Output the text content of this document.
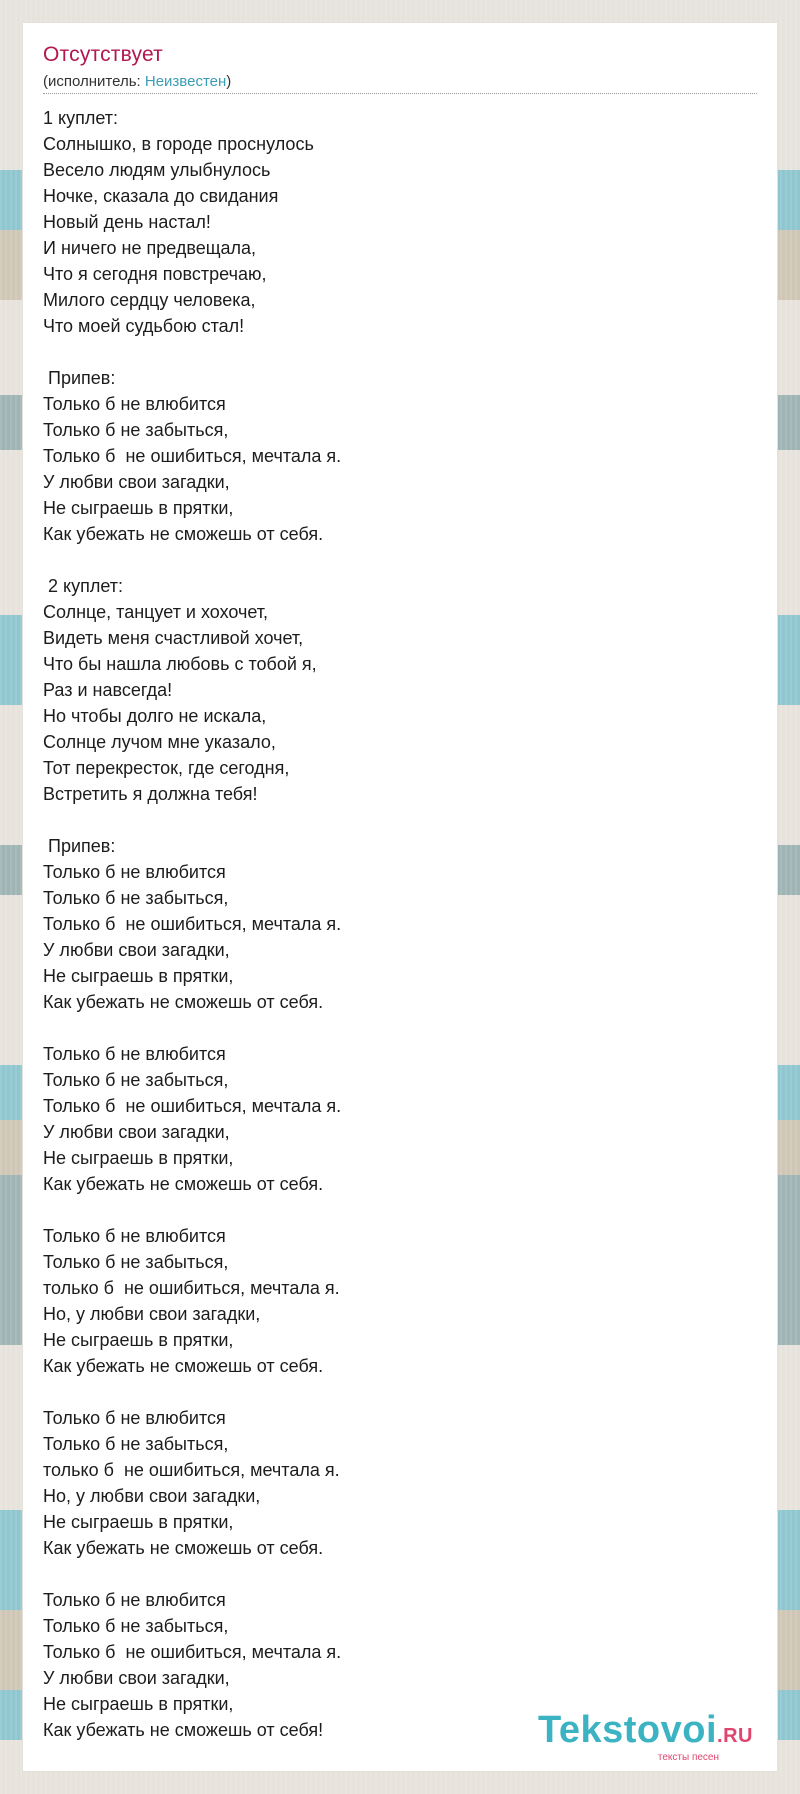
Отсутствует
(исполнитель: Неизвестен)
1 куплет:
Солнышко, в городе проснулось
Весело людям улыбнулось
Ночке, сказала до свидания
Новый день настал!
И ничего не предвещала,
Что я сегодня повстречаю,
Милого сердцу человека,
Что моей судьбою стал!
Припев:
Только б не влюбится
Только б не забыться,
Только б  не ошибиться, мечтала я.
У любви свои загадки,
Не сыграешь в прятки,
Как убежать не сможешь от себя.
2 куплет:
Солнце, танцует и хохочет,
Видеть меня счастливой хочет,
Что бы нашла любовь с тобой я,
Раз и навсегда!
Но чтобы долго не искала,
Солнце лучом мне указало,
Тот перекресток, где сегодня,
Встретить я должна тебя!
Припев:
Только б не влюбится
Только б не забыться,
Только б  не ошибиться, мечтала я.
У любви свои загадки,
Не сыграешь в прятки,
Как убежать не сможешь от себя.
Только б не влюбится
Только б не забыться,
Только б  не ошибиться, мечтала я.
У любви свои загадки,
Не сыграешь в прятки,
Как убежать не сможешь от себя.
Только б не влюбится
Только б не забыться,
только б  не ошибиться, мечтала я.
Но, у любви свои загадки,
Не сыграешь в прятки,
Как убежать не сможешь от себя.
Только б не влюбится
Только б не забыться,
только б  не ошибиться, мечтала я.
Но, у любви свои загадки,
Не сыграешь в прятки,
Как убежать не сможешь от себя.
Только б не влюбится
Только б не забыться,
Только б  не ошибиться, мечтала я.
У любви свои загадки,
Не сыграешь в прятки,
Как убежать не сможешь от себя!	Tekstovoi.RU
тексты песен
